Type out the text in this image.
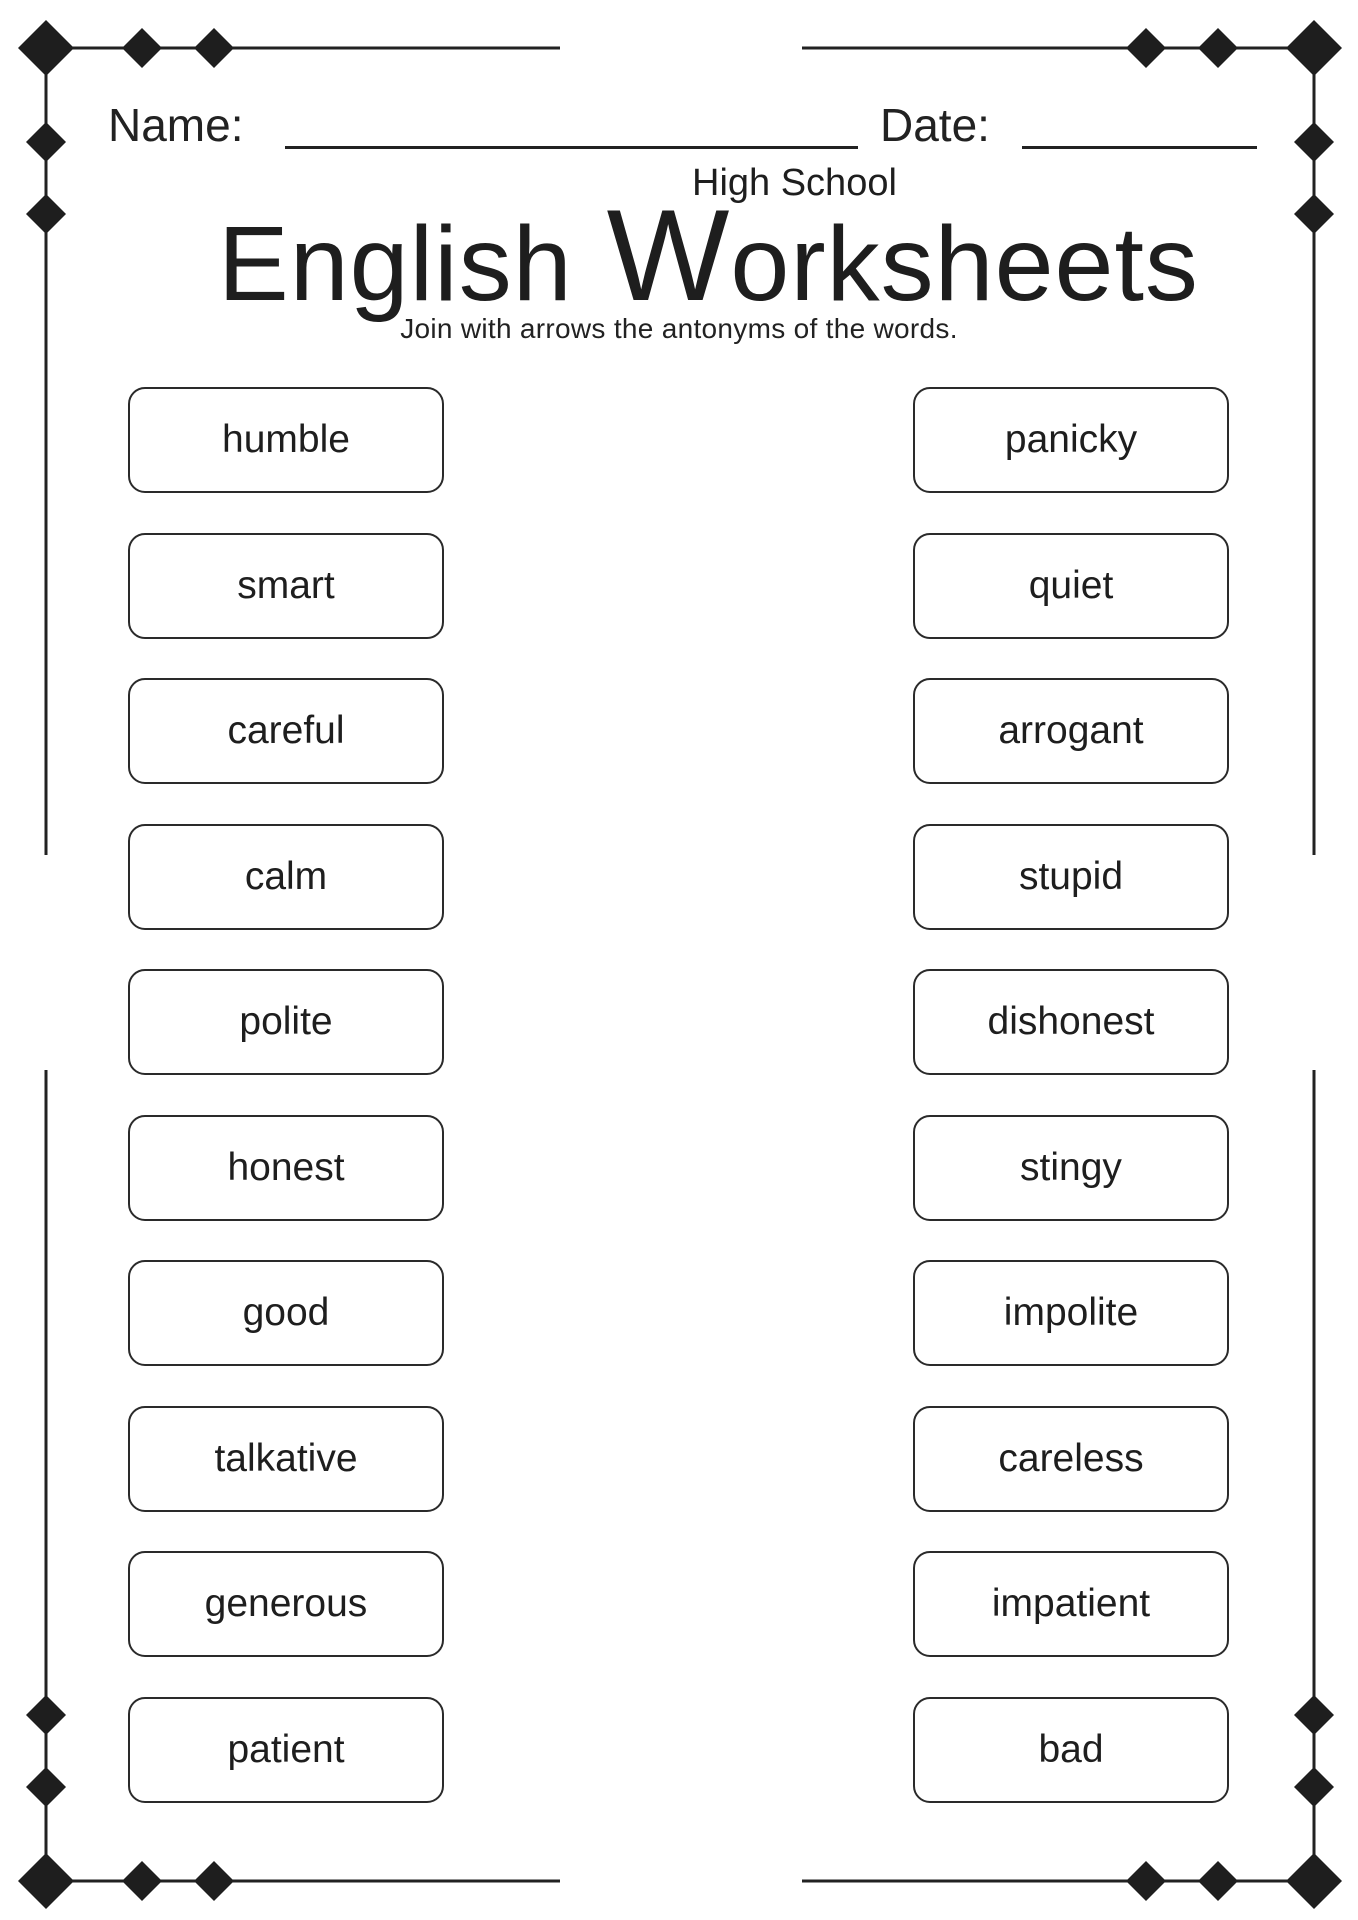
Name:	Date:
English Worksheets
High School
Join with arrows the antonyms of the words.
humble
smart
careful
calm
polite
honest
good
talkative
generous
patient
panicky
quiet
arrogant
stupid
dishonest
stingy
impolite
careless
impatient
bad
